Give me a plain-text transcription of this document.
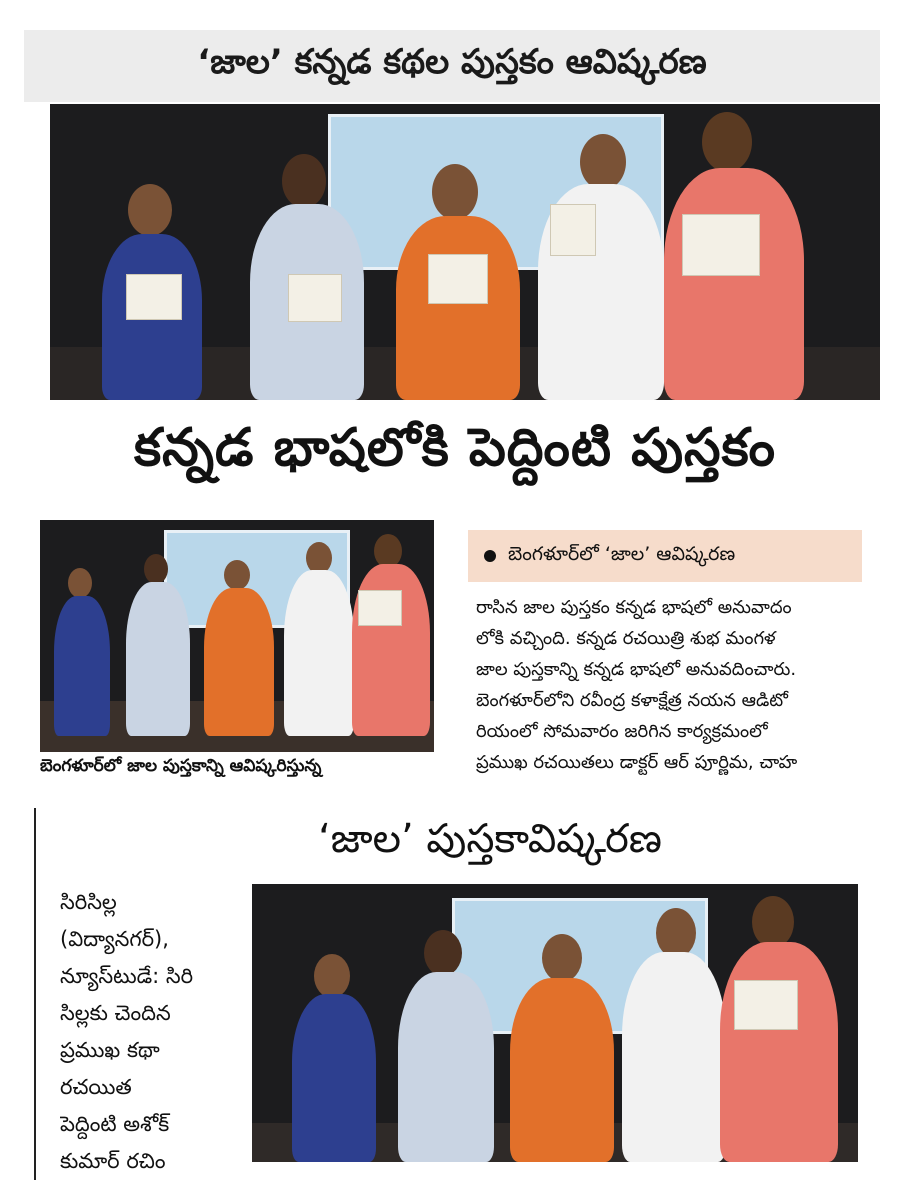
‘జాల’ కన్నడ కథల పుస్తకం ఆవిష్కరణ
కన్నడ భాషలోకి పెద్దింటి పుస్తకం
బెంగళూర్‌లో జాల పుస్తకాన్ని ఆవిష్కరిస్తున్న
బెంగళూర్‌లో ‘జాల’ ఆవిష్కరణ

రాసిన జాల పుస్తకం కన్నడ భాషలో అనువాదం

లోకి వచ్చింది. కన్నడ రచయిత్రి శుభ మంగళ

జాల పుస్తకాన్ని కన్నడ భాషలో అనువదించారు.

బెంగళూర్‌లోని రవీంద్ర కళాక్షేత్ర నయన ఆడిటో

రియంలో సోమవారం జరిగిన కార్యక్రమంలో

ప్రముఖ రచయితలు డాక్టర్ ఆర్ పూర్ణిమ, చాహ

‘జాల’ పుస్తకావిష్కరణ

సిరిసిల్ల

(విద్యానగర్),

న్యూస్‌టుడే: సిరి

సిల్లకు చెందిన

ప్రముఖ కథా

రచయిత

పెద్దింటి అశోక్

కుమార్ రచిం
